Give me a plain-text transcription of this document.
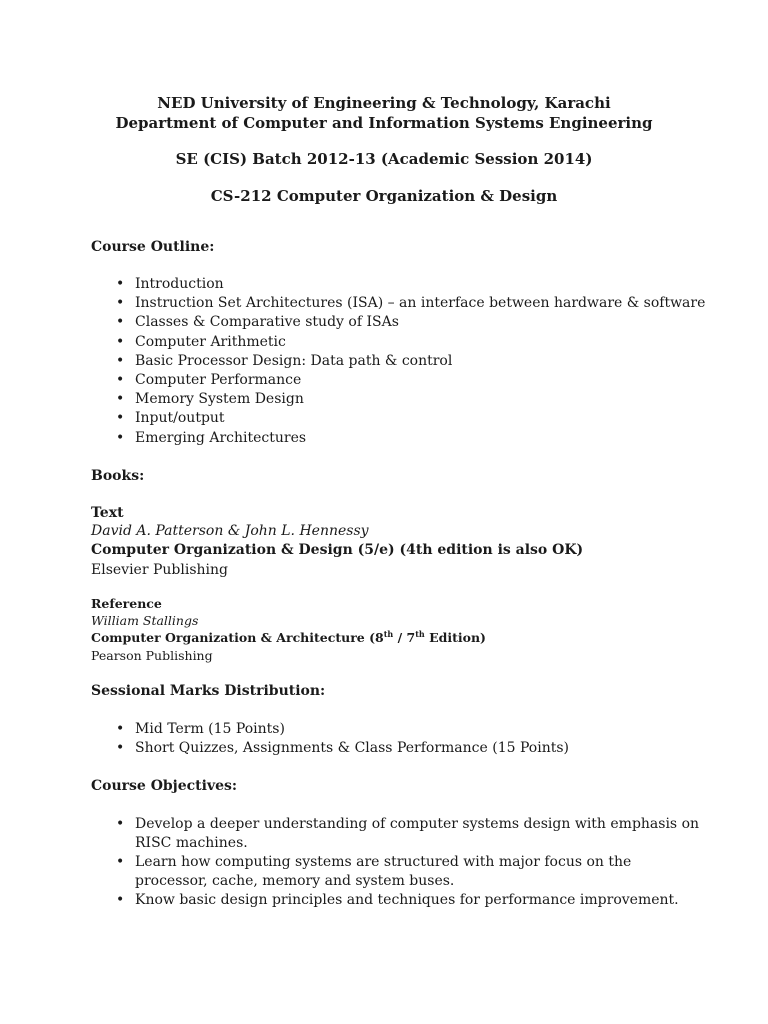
NED University of Engineering & Technology, Karachi
Department of Computer and Information Systems Engineering
SE (CIS) Batch 2012-13 (Academic Session 2014)
CS-212 Computer Organization & Design
Course Outline:
• Introduction
• Instruction Set Architectures (ISA) – an interface between hardware & software
• Classes & Comparative study of ISAs
• Computer Arithmetic
• Basic Processor Design: Data path & control
• Computer Performance
• Memory System Design
• Input/output
• Emerging Architectures
Books:
Text
David A. Patterson & John L. Hennessy
Computer Organization & Design (5/e) (4th edition is also OK)
Elsevier Publishing
Reference
William Stallings
Computer Organization & Architecture (8th / 7th Edition)
Pearson Publishing
Sessional Marks Distribution:
• Mid Term (15 Points)
• Short Quizzes, Assignments & Class Performance (15 Points)
Course Objectives:
• Develop a deeper understanding of computer systems design with emphasis on RISC machines.
• Learn how computing systems are structured with major focus on the processor, cache, memory and system buses.
• Know basic design principles and techniques for performance improvement.
